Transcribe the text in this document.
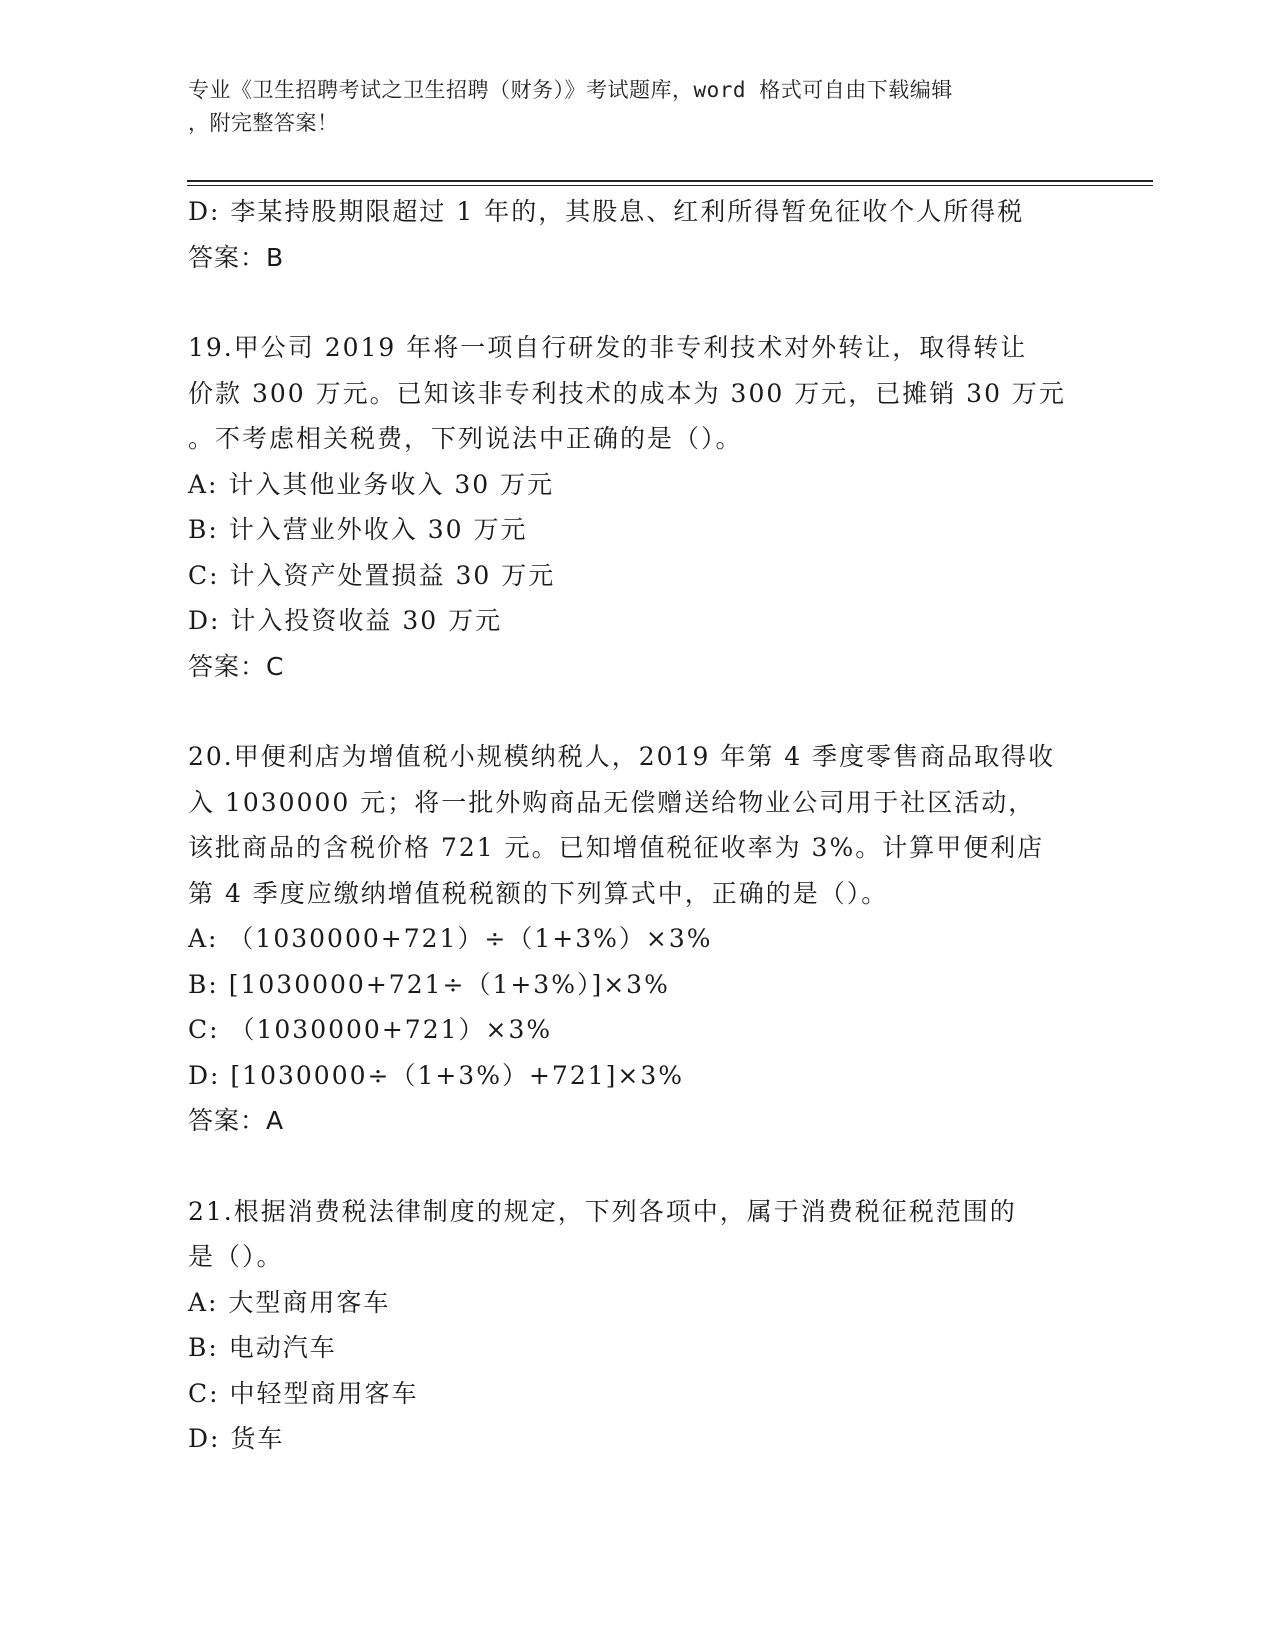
专业《卫生招聘考试之卫生招聘（财务）》考试题库，word 格式可自由下载编辑
，附完整答案！
D: 李某持股期限超过 1 年的，其股息、红利所得暂免征收个人所得税
答案：B
19.甲公司 2019 年将一项自行研发的非专利技术对外转让，取得转让
价款 300 万元。已知该非专利技术的成本为 300 万元，已摊销 30 万元
。不考虑相关税费，下列说法中正确的是（）。
A: 计入其他业务收入 30 万元
B: 计入营业外收入 30 万元
C: 计入资产处置损益 30 万元
D: 计入投资收益 30 万元
答案：C
20.甲便利店为增值税小规模纳税人，2019 年第 4 季度零售商品取得收
入 1030000 元；将一批外购商品无偿赠送给物业公司用于社区活动，
该批商品的含税价格 721 元。已知增值税征收率为 3%。计算甲便利店
第 4 季度应缴纳增值税税额的下列算式中，正确的是（）。
A: （1030000+721）÷（1+3%）×3%
B: [1030000+721÷（1+3%）]×3%
C: （1030000+721）×3%
D: [1030000÷（1+3%）+721]×3%
答案：A
21.根据消费税法律制度的规定，下列各项中，属于消费税征税范围的
是（）。
A: 大型商用客车
B: 电动汽车
C: 中轻型商用客车
D: 货车
